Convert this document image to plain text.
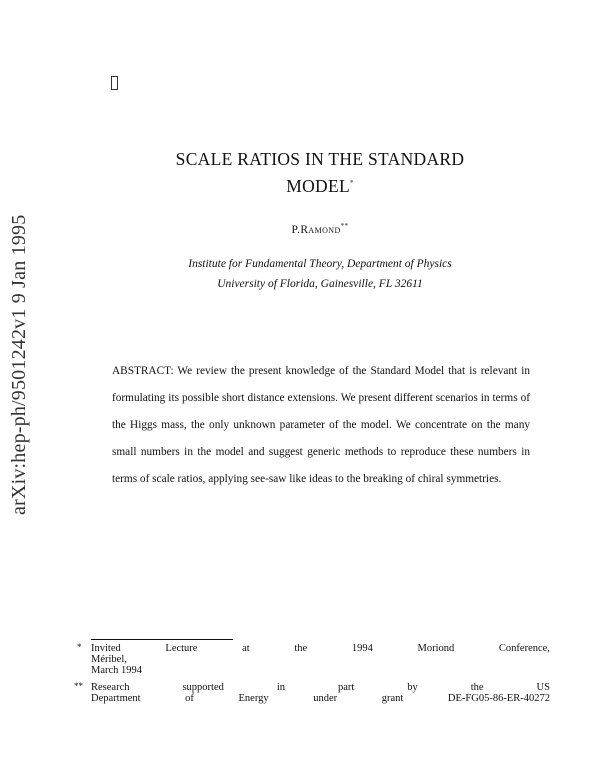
arXiv:hep-ph/9501242v1 9 Jan 1995
SCALE RATIOS IN THE STANDARD
MODEL*
P.Ramond**
Institute for Fundamental Theory, Department of Physics
University of Florida, Gainesville, FL 32611

ABSTRACT: We review the present knowledge of the Standard Model that is relevant in formulating its possible short distance extensions. We present different scenarios in terms of the Higgs mass, the only unknown parameter of the model. We concentrate on the many small numbers in the model and suggest generic methods to reproduce these numbers in terms of scale ratios, applying see-saw like ideas to the breaking of chiral symmetries.

* Invited	Lecture	at	the	1994	Moriond	Conference,
Méribel,
March 1994
** Research	supported	in	part	by	the	US
Department	of	Energy	under	grant	DE-FG05-86-ER-40272
